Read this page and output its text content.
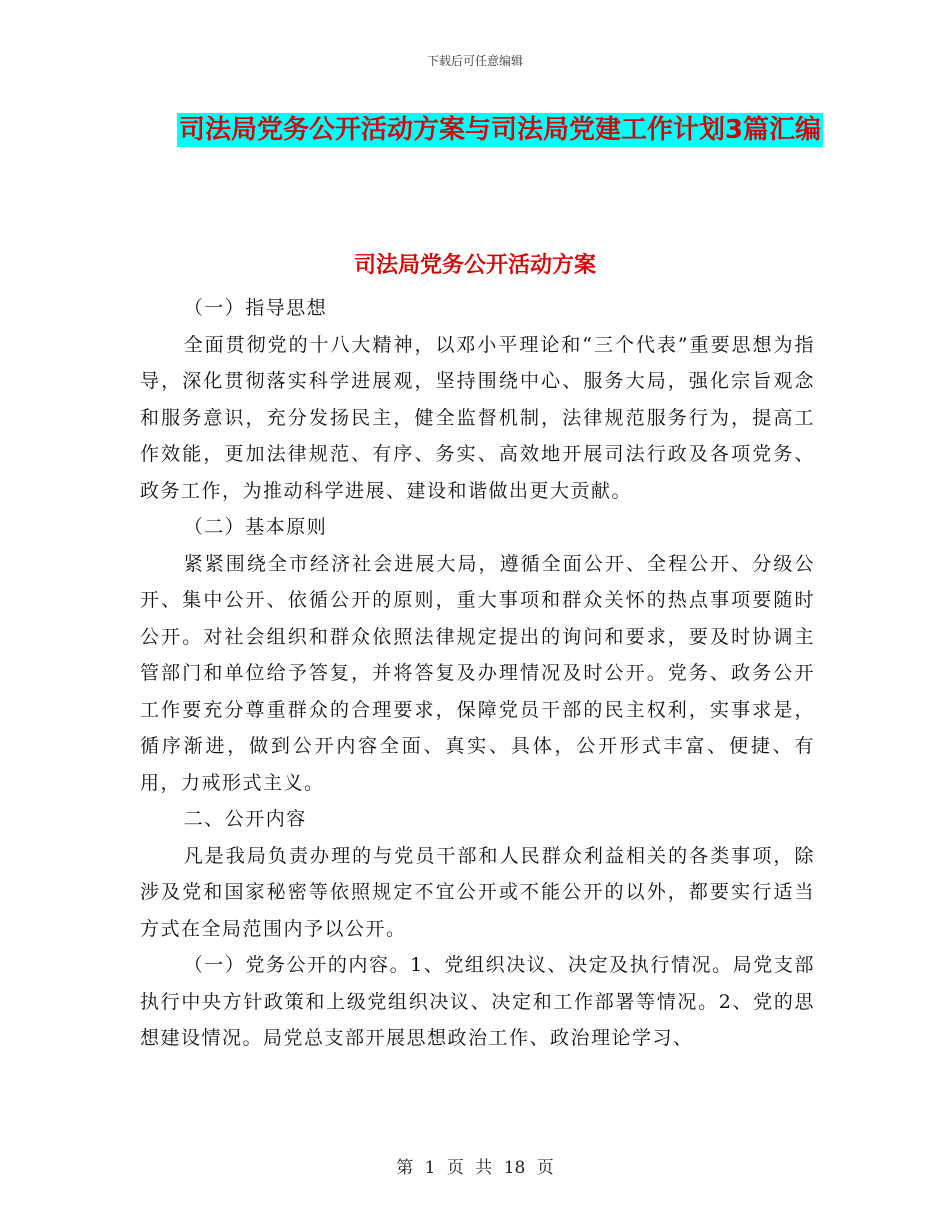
下载后可任意编辑
司法局党务公开活动方案与司法局党建工作计划3篇汇编
司法局党务公开活动方案

（一）指导思想

全面贯彻党的十八大精神，以邓小平理论和“三个代表”重要思想为指导，深化贯彻落实科学进展观，坚持围绕中心、服务大局，强化宗旨观念和服务意识，充分发扬民主，健全监督机制，法律规范服务行为，提高工作效能，更加法律规范、有序、务实、高效地开展司法行政及各项党务、政务工作，为推动科学进展、建设和谐做出更大贡献。

（二）基本原则

紧紧围绕全市经济社会进展大局，遵循全面公开、全程公开、分级公开、集中公开、依循公开的原则，重大事项和群众关怀的热点事项要随时公开。对社会组织和群众依照法律规定提出的询问和要求，要及时协调主管部门和单位给予答复，并将答复及办理情况及时公开。党务、政务公开工作要充分尊重群众的合理要求，保障党员干部的民主权利，实事求是，循序渐进，做到公开内容全面、真实、具体，公开形式丰富、便捷、有用，力戒形式主义。

二、公开内容

凡是我局负责办理的与党员干部和人民群众利益相关的各类事项，除涉及党和国家秘密等依照规定不宜公开或不能公开的以外，都要实行适当方式在全局范围内予以公开。

（一）党务公开的内容。1、党组织决议、决定及执行情况。局党支部执行中央方针政策和上级党组织决议、决定和工作部署等情况。2、党的思想建设情况。局党总支部开展思想政治工作、政治理论学习、

第 1 页 共 18 页
